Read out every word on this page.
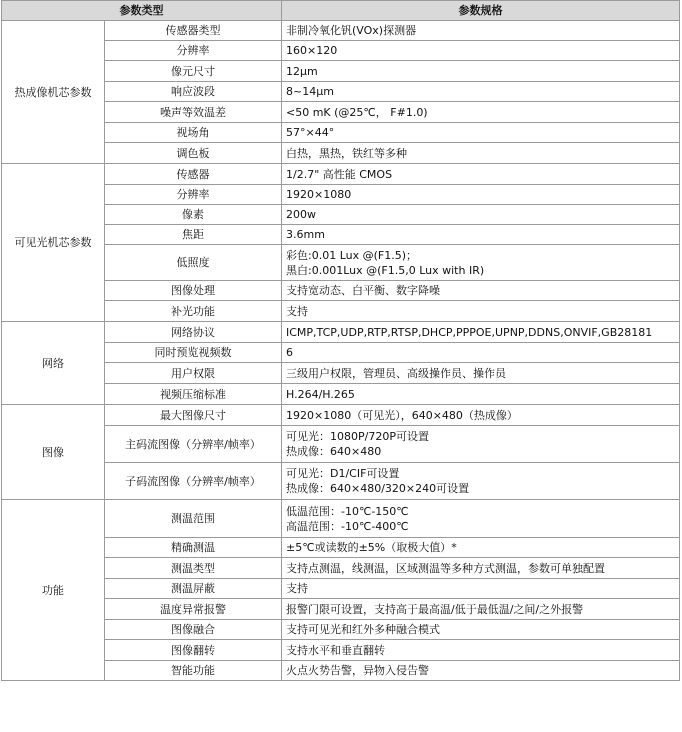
参数类型		参数规格
热成像机芯参数	传感器类型	非制冷氧化钒(VOx)探测器

	分辨率	160×120

	像元尺寸	12μm

	响应波段	8~14μm

	噪声等效温差	<50 mK (@25℃， F#1.0)

	视场角	57°×44°

	调色板	白热，黑热，铁红等多种

可见光机芯参数	传感器	1/2.7" 高性能 CMOS

	分辨率	1920×1080

	像素	200w

	焦距	3.6mm

	低照度	彩色:0.01 Lux @(F1.5)；
黑白:0.001Lux @(F1.5,0 Lux with IR)

	图像处理	支持宽动态、白平衡、数字降噪

	补光功能	支持

网络	网络协议	ICMP,TCP,UDP,RTP,RTSP,DHCP,PPPOE,UPNP,DDNS,ONVIF,GB28181

	同时预览视频数	6

	用户权限	三级用户权限，管理员、高级操作员、操作员

	视频压缩标准	H.264/H.265

图像	最大图像尺寸	1920×1080（可见光），640×480（热成像）

	主码流图像（分辨率/帧率）	可见光：1080P/720P可设置
热成像：640×480

	子码流图像（分辨率/帧率）	可见光：D1/CIF可设置
热成像：640×480/320×240可设置

功能	测温范围	低温范围：-10℃-150℃
高温范围：-10℃-400℃

	精确测温	±5℃或读数的±5%（取极大值）*

	测温类型	支持点测温，线测温，区域测温等多种方式测温，参数可单独配置

	测温屏蔽	支持

	温度异常报警	报警门限可设置，支持高于最高温/低于最低温/之间/之外报警

	图像融合	支持可见光和红外多种融合模式

	图像翻转	支持水平和垂直翻转

	智能功能	火点火势告警，异物入侵告警
